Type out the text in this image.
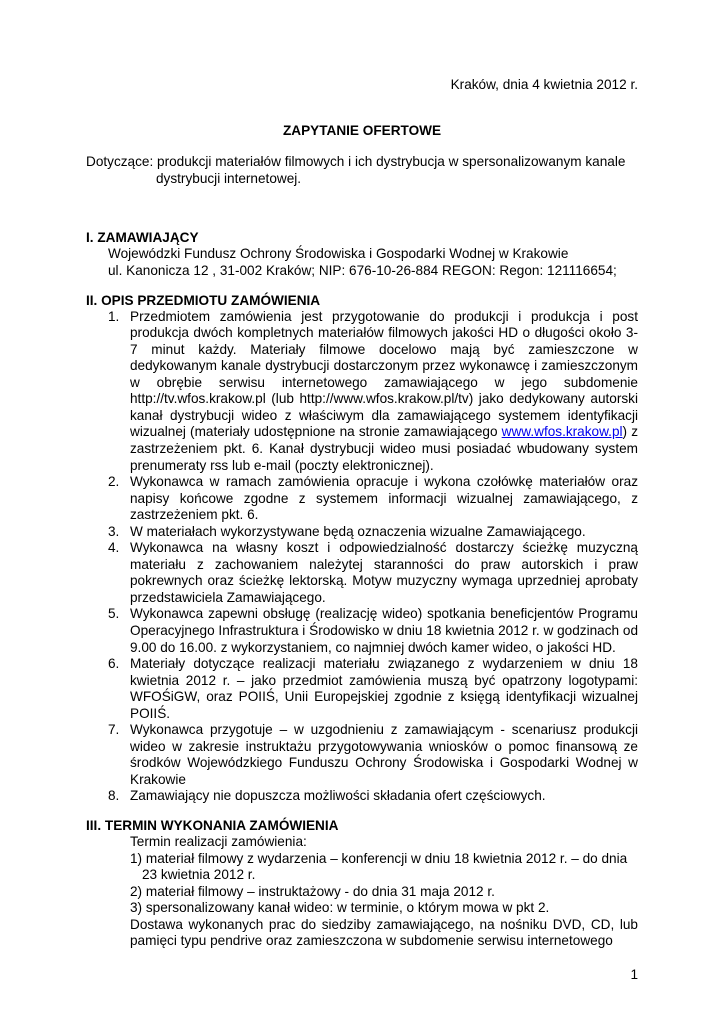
Kraków, dnia 4 kwietnia 2012 r.
ZAPYTANIE OFERTOWE
Dotyczące: produkcji materiałów filmowych i ich dystrybucja w spersonalizowanym kanale
dystrybucji internetowej.
I. ZAMAWIAJĄCY

Wojewódzki Fundusz Ochrony Środowiska i Gospodarki Wodnej w Krakowie

ul. Kanonicza 12 , 31-002 Kraków; NIP: 676-10-26-884 REGON: Regon: 121116654;

II. OPIS PRZEDMIOTU ZAMÓWIENIA
1. Przedmiotem zamówienia jest przygotowanie do produkcji i produkcja i post produkcja dwóch kompletnych materiałów filmowych jakości HD o długości około 3-7 minut każdy. Materiały filmowe docelowo mają być zamieszczone w dedykowanym kanale dystrybucji dostarczonym przez wykonawcę i zamieszczonym w obrębie serwisu internetowego zamawiającego w jego subdomenie http://tv.wfos.krakow.pl (lub http://www.wfos.krakow.pl/tv) jako dedykowany autorski kanał dystrybucji wideo z właściwym dla zamawiającego systemem identyfikacji wizualnej (materiały udostępnione na stronie zamawiającego www.wfos.krakow.pl) z zastrzeżeniem pkt. 6. Kanał dystrybucji wideo musi posiadać wbudowany system prenumeraty rss lub e-mail (poczty elektronicznej).
2. Wykonawca w ramach zamówienia opracuje i wykona czołówkę materiałów oraz napisy końcowe zgodne z systemem informacji wizualnej zamawiającego, z zastrzeżeniem pkt. 6.
3. W materiałach wykorzystywane będą oznaczenia wizualne Zamawiającego.
4. Wykonawca na własny koszt i odpowiedzialność dostarczy ścieżkę muzyczną materiału z zachowaniem należytej staranności do praw autorskich i praw pokrewnych oraz ścieżkę lektorską. Motyw muzyczny wymaga uprzedniej aprobaty przedstawiciela Zamawiającego.
5. Wykonawca zapewni obsługę (realizację wideo) spotkania beneficjentów Programu Operacyjnego Infrastruktura i Środowisko w dniu 18 kwietnia 2012 r. w godzinach od 9.00 do 16.00. z wykorzystaniem, co najmniej dwóch kamer wideo, o jakości HD.
6. Materiały dotyczące realizacji materiału związanego z wydarzeniem w dniu 18 kwietnia 2012 r. – jako przedmiot zamówienia muszą być opatrzony logotypami: WFOŚiGW, oraz POIIŚ, Unii Europejskiej zgodnie z księgą identyfikacji wizualnej POIIŚ.
7. Wykonawca przygotuje – w uzgodnieniu z zamawiającym - scenariusz produkcji wideo w zakresie instruktażu przygotowywania wniosków o pomoc finansową ze środków Wojewódzkiego Funduszu Ochrony Środowiska i Gospodarki Wodnej w Krakowie
8. Zamawiający nie dopuszcza możliwości składania ofert częściowych.
III. TERMIN WYKONANIA ZAMÓWIENIA

Termin realizacji zamówienia:

1) materiał filmowy z wydarzenia – konferencji w dniu 18 kwietnia 2012 r. – do dnia 23 kwietnia 2012 r.

2) materiał filmowy – instruktażowy - do dnia 31 maja 2012 r.

3) spersonalizowany kanał wideo: w terminie, o którym mowa w pkt 2.

Dostawa wykonanych prac do siedziby zamawiającego, na nośniku DVD, CD, lub pamięci typu pendrive oraz zamieszczona w subdomenie serwisu internetowego

1
